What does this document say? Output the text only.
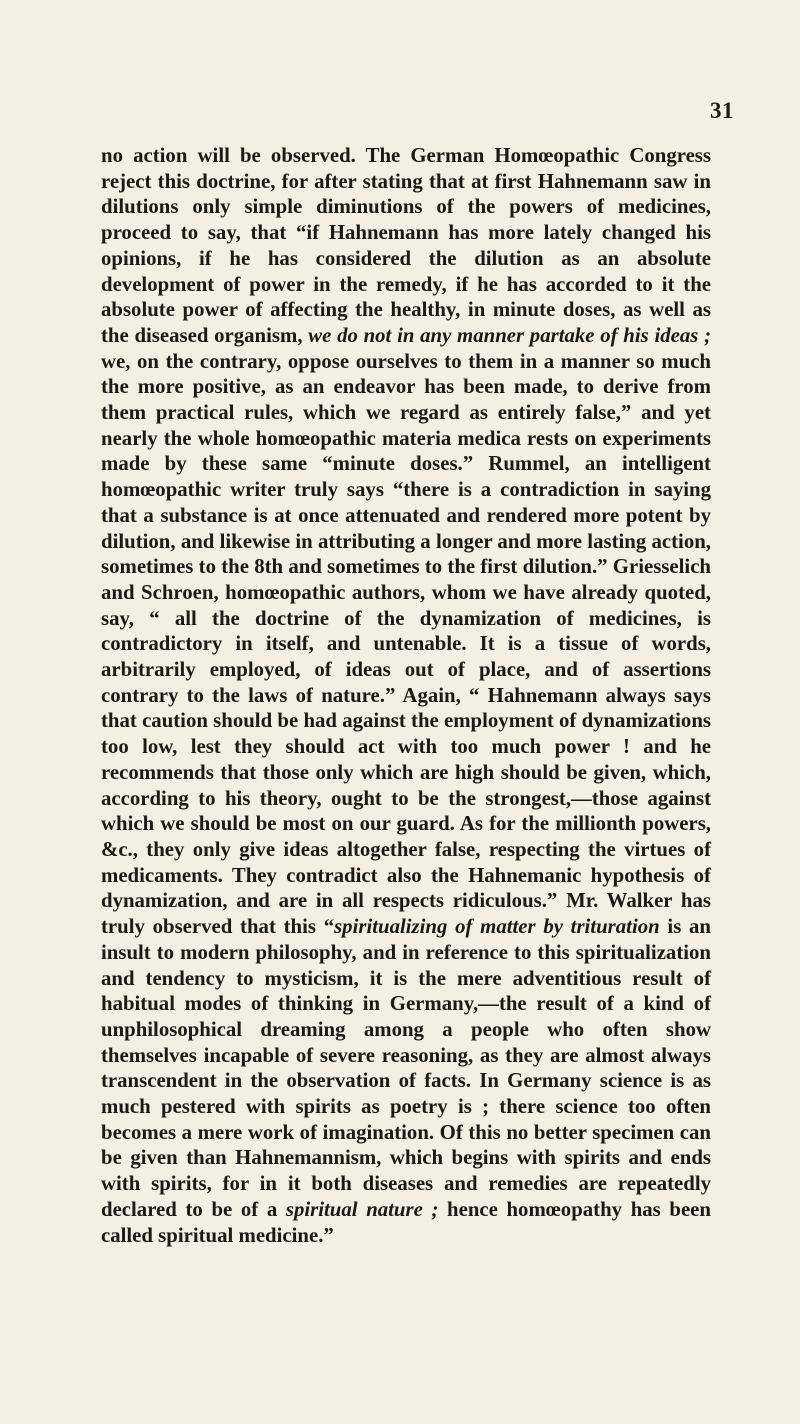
31
no action will be observed. The German Homœopathic Congress reject this doctrine, for after stating that at first Hahnemann saw in dilutions only simple diminutions of the powers of medicines, proceed to say, that “if Hahnemann has more lately changed his opinions, if he has considered the dilution as an absolute development of power in the remedy, if he has accorded to it the absolute power of affecting the healthy, in minute doses, as well as the diseased organism, we do not in any manner partake of his ideas ; we, on the contrary, oppose ourselves to them in a manner so much the more positive, as an endeavor has been made, to derive from them practical rules, which we regard as entirely false,” and yet nearly the whole homœopathic materia medica rests on experiments made by these same “minute doses.” Rummel, an intelligent homœopathic writer truly says “there is a contradiction in saying that a substance is at once attenuated and rendered more potent by dilution, and likewise in attributing a longer and more lasting action, sometimes to the 8th and sometimes to the first dilution.” Griesselich and Schroen, homœopathic authors, whom we have already quoted, say, “ all the doctrine of the dynamization of medicines, is contradictory in itself, and untenable. It is a tissue of words, arbitrarily employed, of ideas out of place, and of assertions contrary to the laws of nature.” Again, “ Hahnemann always says that caution should be had against the employment of dynamizations too low, lest they should act with too much power ! and he recommends that those only which are high should be given, which, according to his theory, ought to be the strongest,—those against which we should be most on our guard. As for the millionth powers, &c., they only give ideas altogether false, respecting the virtues of medicaments. They contradict also the Hahnemanic hypothesis of dynamization, and are in all respects ridiculous.” Mr. Walker has truly observed that this “spiritualizing of matter by trituration is an insult to modern philosophy, and in reference to this spiritualization and tendency to mysticism, it is the mere adventitious result of habitual modes of thinking in Germany,—the result of a kind of unphilosophical dreaming among a people who often show themselves incapable of severe reasoning, as they are almost always transcendent in the observation of facts. In Germany science is as much pestered with spirits as poetry is ; there science too often becomes a mere work of imagination. Of this no better specimen can be given than Hahnemannism, which begins with spirits and ends with spirits, for in it both diseases and remedies are repeatedly declared to be of a spiritual nature ; hence homœopathy has been called spiritual medicine.”
